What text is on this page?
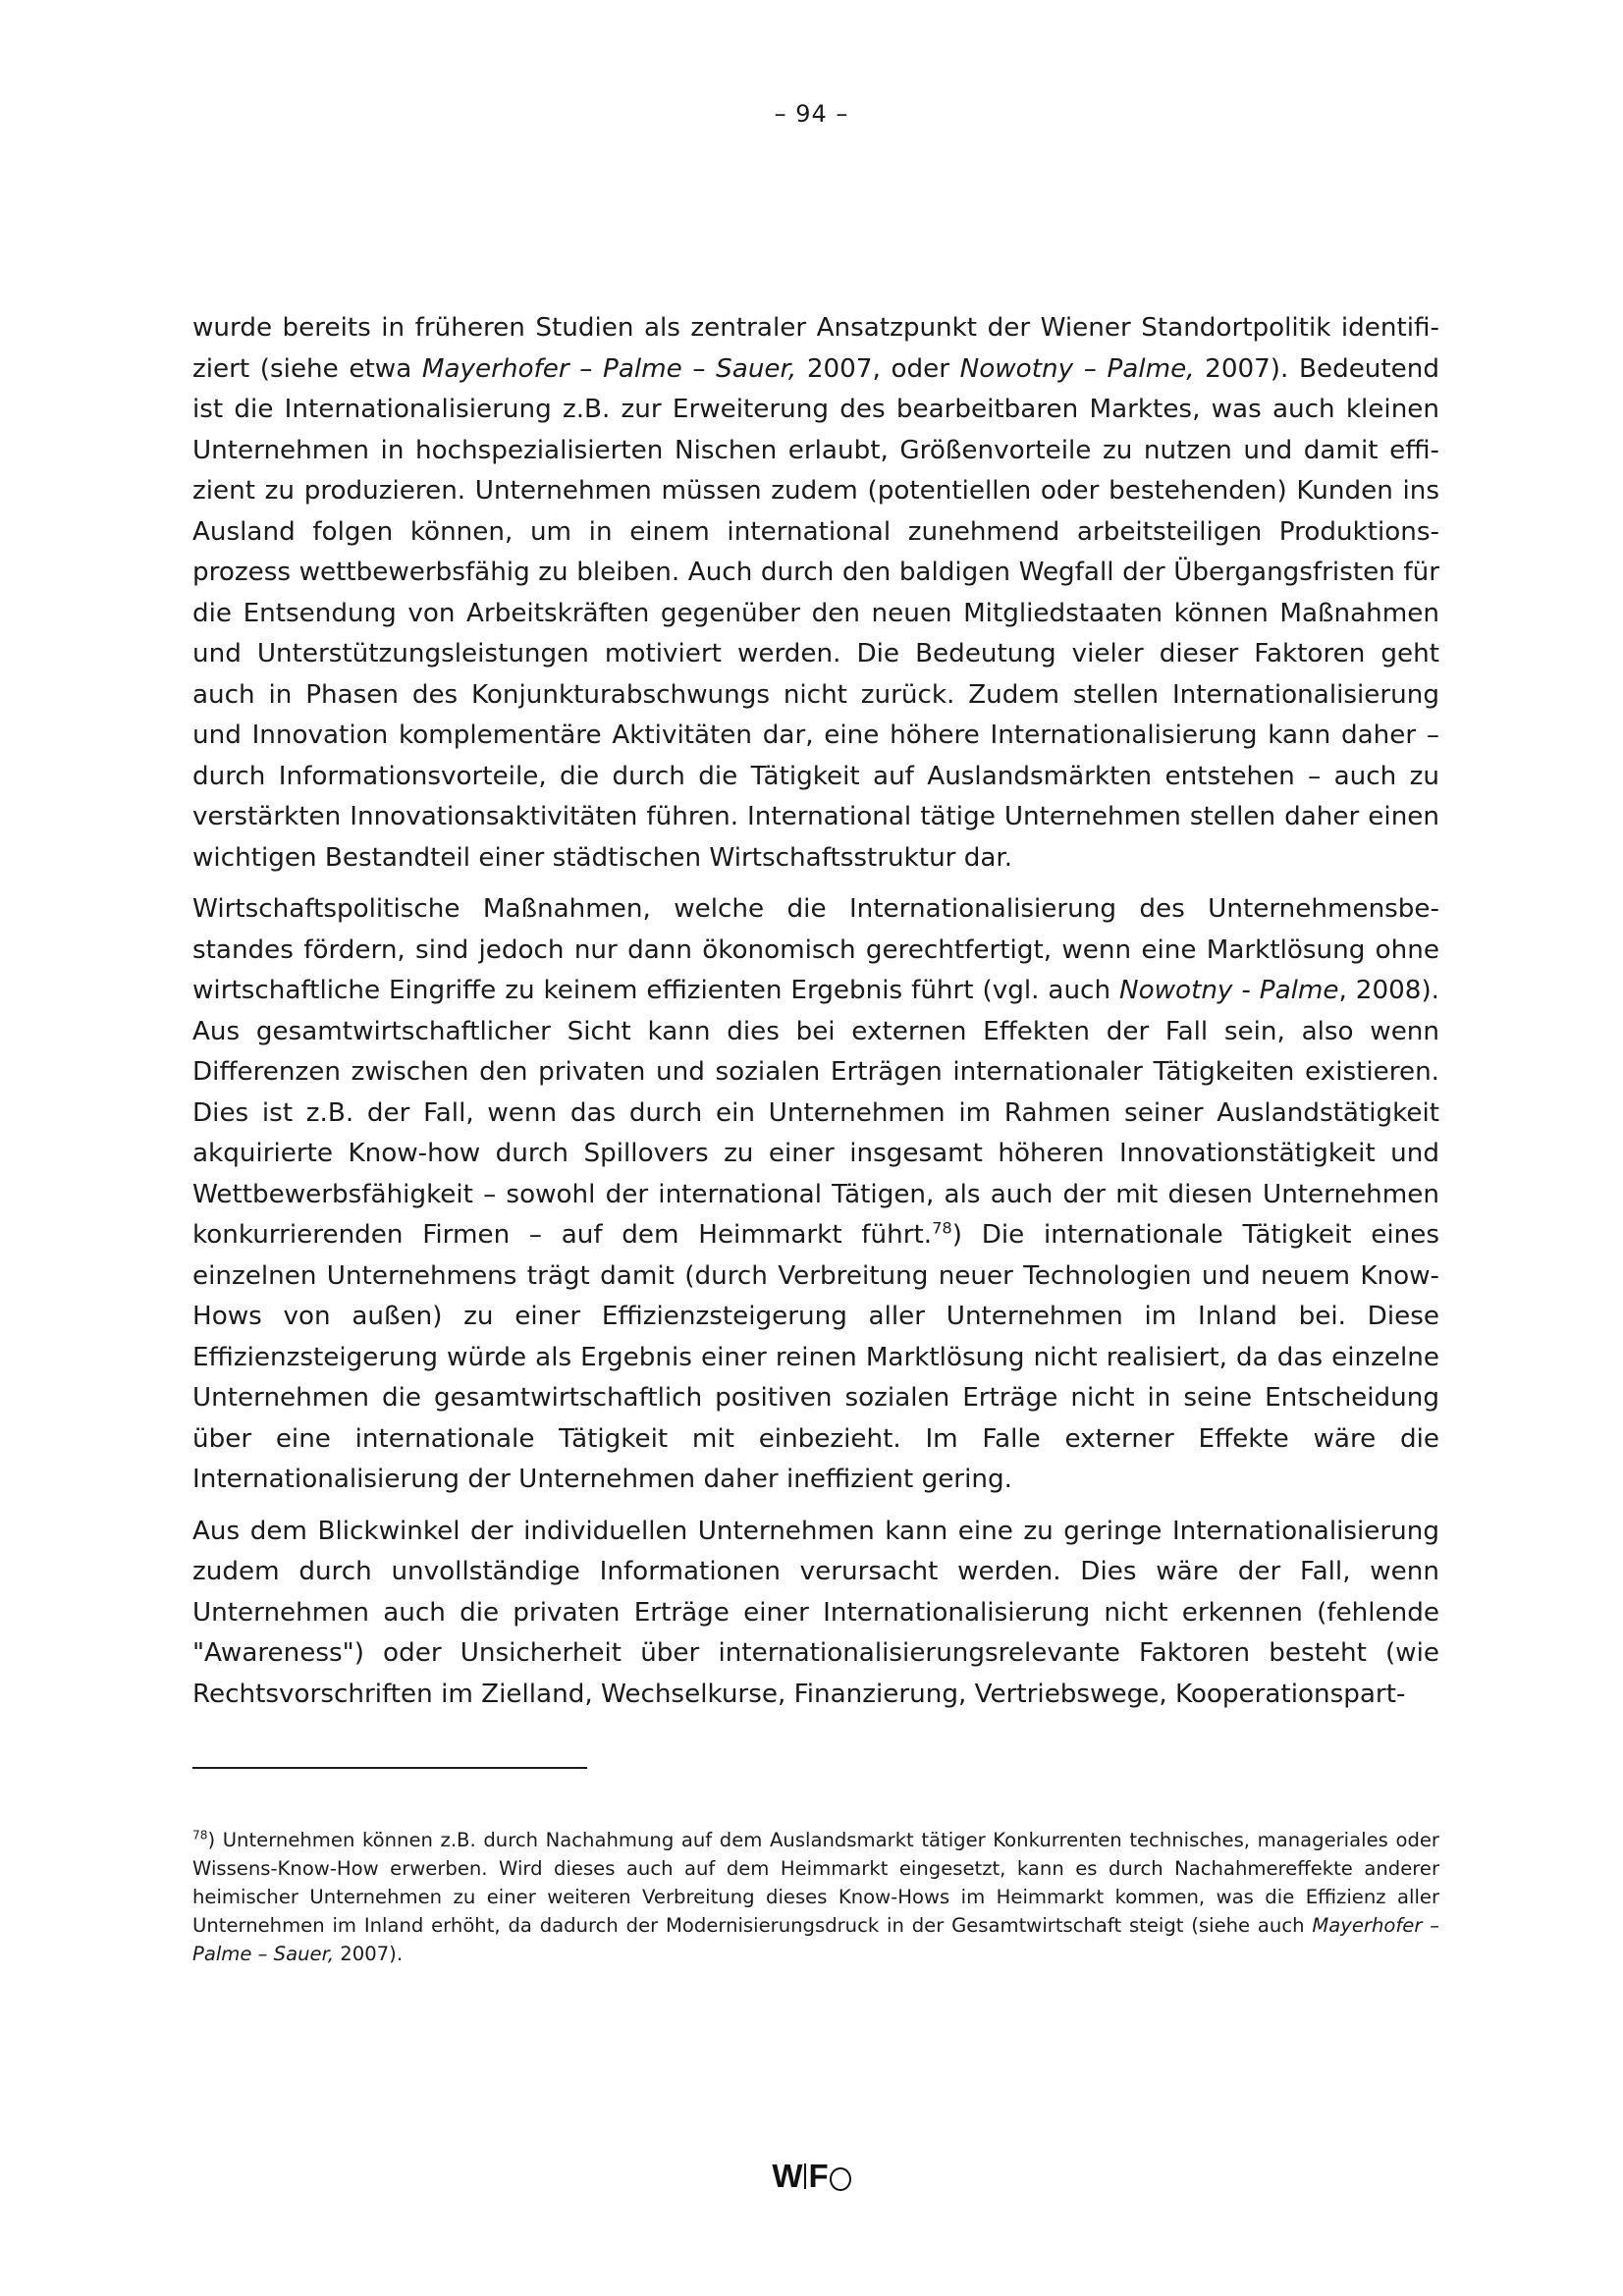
– 94 –

wurde bereits in früheren Studien als zentraler Ansatzpunkt der Wiener Standortpolitik identifiziert (siehe etwa Mayerhofer – Palme – Sauer, 2007, oder Nowotny – Palme, 2007). Bedeutend ist die Internationalisierung z.B. zur Erweiterung des bearbeitbaren Marktes, was auch kleinen Unternehmen in hochspezialisierten Nischen erlaubt, Größenvorteile zu nutzen und damit effizient zu produzieren. Unternehmen müssen zudem (potentiellen oder bestehenden) Kunden ins Ausland folgen können, um in einem international zunehmend arbeitsteiligen Produktionsprozess wettbewerbsfähig zu bleiben. Auch durch den baldigen Wegfall der Übergangsfristen für die Entsendung von Arbeitskräften gegenüber den neuen Mitgliedstaaten können Maßnahmen und Unterstützungsleistungen motiviert werden. Die Bedeutung vieler dieser Faktoren geht auch in Phasen des Konjunkturabschwungs nicht zurück. Zudem stellen Internationalisierung und Innovation komplementäre Aktivitäten dar, eine höhere Internationalisierung kann daher – durch Informationsvorteile, die durch die Tätigkeit auf Auslandsmärkten entstehen – auch zu verstärkten Innovationsaktivitäten führen. International tätige Unternehmen stellen daher einen wichtigen Bestandteil einer städtischen Wirtschaftsstruktur dar.

Wirtschaftspolitische Maßnahmen, welche die Internationalisierung des Unternehmensbestandes fördern, sind jedoch nur dann ökonomisch gerechtfertigt, wenn eine Marktlösung ohne wirtschaftliche Eingriffe zu keinem effizienten Ergebnis führt (vgl. auch Nowotny - Palme, 2008). Aus gesamtwirtschaftlicher Sicht kann dies bei externen Effekten der Fall sein, also wenn Differenzen zwischen den privaten und sozialen Erträgen internationaler Tätigkeiten existieren. Dies ist z.B. der Fall, wenn das durch ein Unternehmen im Rahmen seiner Auslandstätigkeit akquirierte Know-how durch Spillovers zu einer insgesamt höheren Innovationstätigkeit und Wettbewerbsfähigkeit – sowohl der international Tätigen, als auch der mit diesen Unternehmen konkurrierenden Firmen – auf dem Heimmarkt führt.$^{78}$) Die internationale Tätigkeit eines einzelnen Unternehmens trägt damit (durch Verbreitung neuer Technologien und neuem Know-Hows von außen) zu einer Effizienzsteigerung aller Unternehmen im Inland bei. Diese Effizienzsteigerung würde als Ergebnis einer reinen Marktlösung nicht realisiert, da das einzelne Unternehmen die gesamtwirtschaftlich positiven sozialen Erträge nicht in seine Entscheidung über eine internationale Tätigkeit mit einbezieht. Im Falle externer Effekte wäre die Internationalisierung der Unternehmen daher ineffizient gering.

Aus dem Blickwinkel der individuellen Unternehmen kann eine zu geringe Internationalisierung zudem durch unvollständige Informationen verursacht werden. Dies wäre der Fall, wenn Unternehmen auch die privaten Erträge einer Internationalisierung nicht erkennen (fehlende "Awareness") oder Unsicherheit über internationalisierungsrelevante Faktoren besteht (wie Rechtsvorschriften im Zielland, Wechselkurse, Finanzierung, Vertriebswege, Kooperationspart-

$^{78}$) Unternehmen können z.B. durch Nachahmung auf dem Auslandsmarkt tätiger Konkurrenten technisches, manageriales oder Wissens-Know-How erwerben. Wird dieses auch auf dem Heimmarkt eingesetzt, kann es durch Nachahmereffekte anderer heimischer Unternehmen zu einer weiteren Verbreitung dieses Know-Hows im Heimmarkt kommen, was die Effizienz aller Unternehmen im Inland erhöht, da dadurch der Modernisierungsdruck in der Gesamtwirtschaft steigt (siehe auch Mayerhofer – Palme – Sauer, 2007).
W F
